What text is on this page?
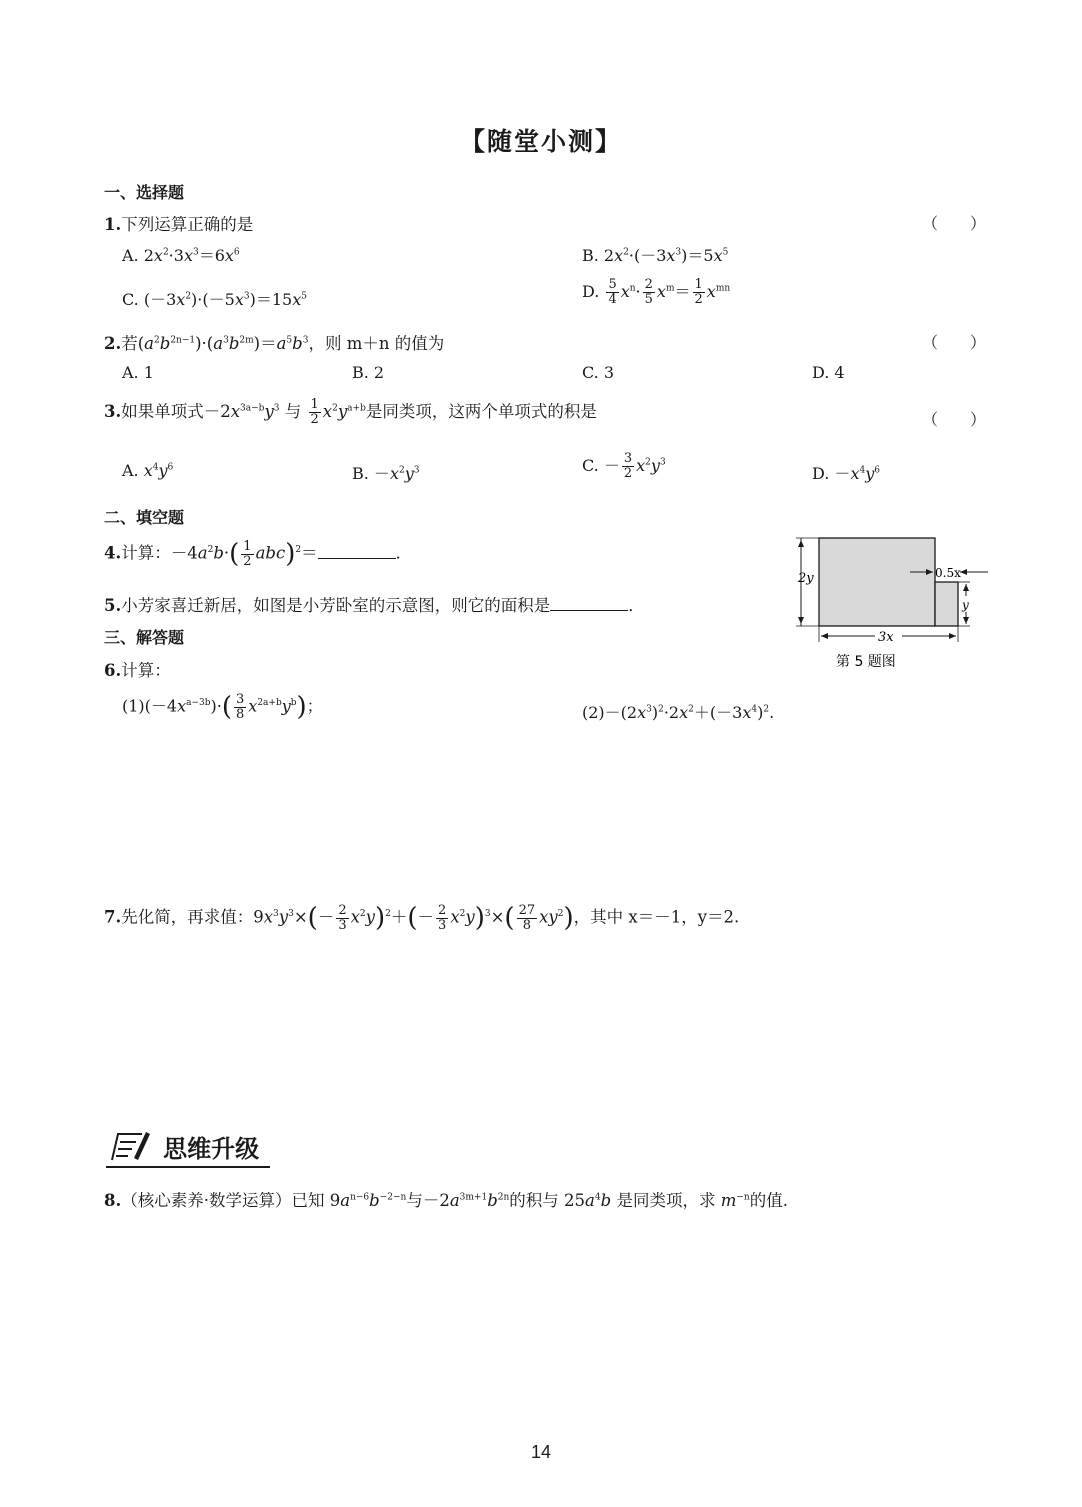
【随堂小测】
一、选择题
1.下列运算正确的是	（　　）
A. $2x^2\cdot 3x^3=6x^6$	B. $2x^2\cdot(-3x^3)=5x^5$
C. $(-3x^2)\cdot(-5x^3)=15x^5$	D. $\frac{5}{4} x^n\cdot \frac{2}{5} x^m= \frac{1}{2} x^{mn}$
2.若$(a^2b^{2n-1})\cdot(a^3b^{2m})=a^5b^3$，则 m＋n 的值为	（　　）
A. 1	B. 2	C. 3	D. 4
3.如果单项式$-2x^{3a-b}y^3$ 与 $\frac{1}{2} x^2y^{a+b}$是同类项，这两个单项式的积是	（　　）
A. $x^4y^6$	B. $-x^2y^3$	C. － $\frac{3}{2} x^2y^3$
D. $-x^4y^6$
二、填空题
4.计算：$-4a^2b\cdot( \frac{1}{2} abc)^2=$	．
5.小芳家喜迁新居，如图是小芳卧室的示意图，则它的面积是	．
2y
3x
0.5x
y
第 5 题图
三、解答题
6.计算：
$(1)(-4x^{a-3b})\cdot( \frac{3}{8} x^{2a+b}y^b)$；	$(2)-(2x^3)^2\cdot 2x^2+(-3x^4)^2$.
7.先化简，再求值：$9x^3y^3\times(- \frac{2}{3} x^2y)^2+(- \frac{2}{3} x^2y)^3\times( \frac{27}{8} xy^2)$，其中 x＝－1，y＝2.
思维升级
8.（核心素养·数学运算）已知 $9a^{n-6}b^{-2-n}$与$-2a^{3m+1}b^{2n}$的积与 $25a^4b$ 是同类项，求 $m^{-n}$的值.
14
